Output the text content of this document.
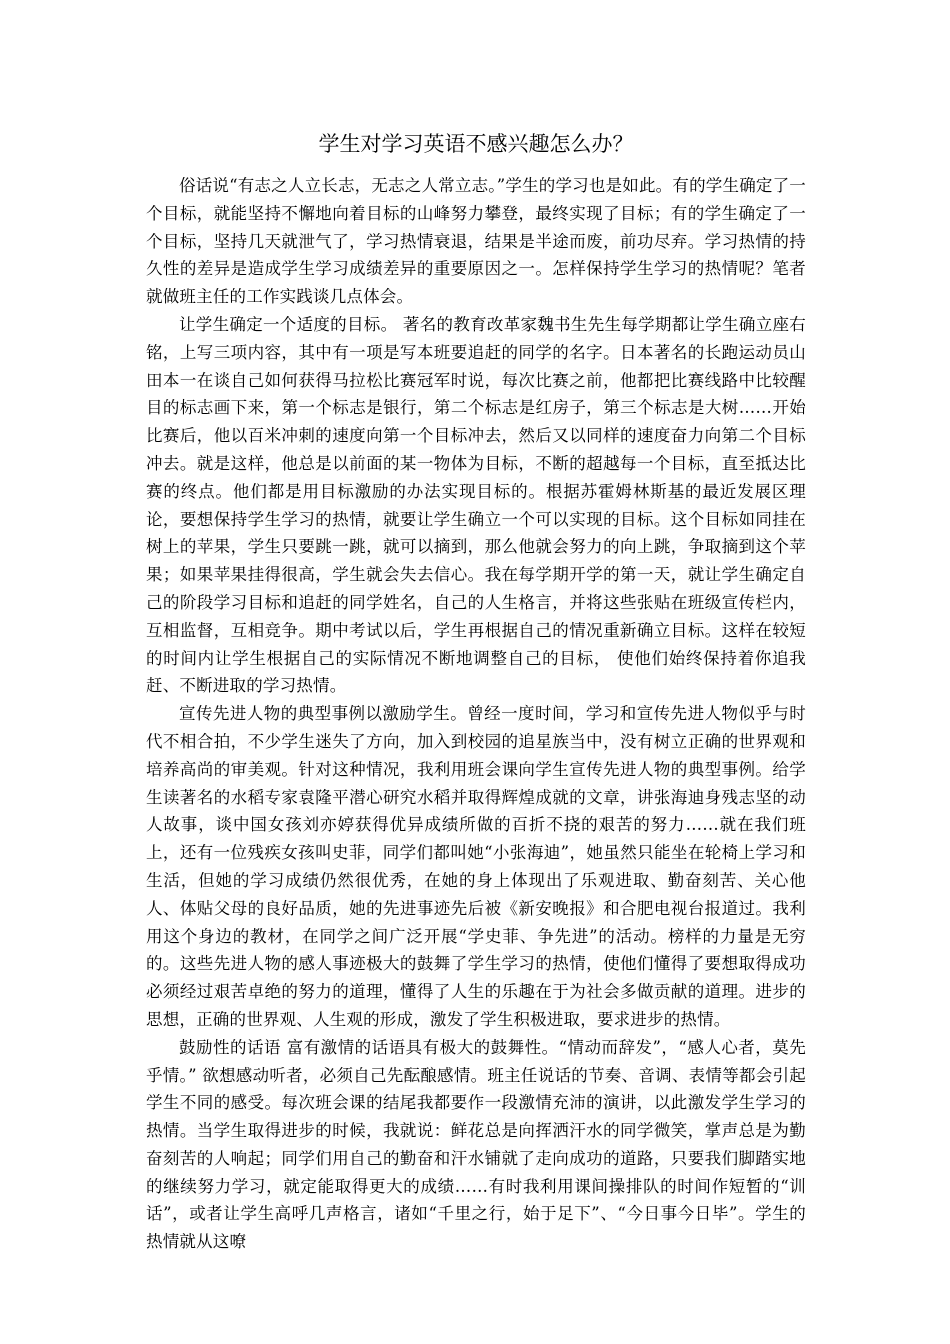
学生对学习英语不感兴趣怎么办？

俗话说“有志之人立长志，无志之人常立志。”学生的学习也是如此。有的学生确定了一个目标，就能坚持不懈地向着目标的山峰努力攀登，最终实现了目标；有的学生确定了一个目标，坚持几天就泄气了，学习热情衰退，结果是半途而废，前功尽弃。学习热情的持久性的差异是造成学生学习成绩差异的重要原因之一。怎样保持学生学习的热情呢？笔者就做班主任的工作实践谈几点体会。

让学生确定一个适度的目标。 著名的教育改革家魏书生先生每学期都让学生确立座右铭，上写三项内容，其中有一项是写本班要追赶的同学的名字。日本著名的长跑运动员山田本一在谈自己如何获得马拉松比赛冠军时说，每次比赛之前，他都把比赛线路中比较醒目的标志画下来，第一个标志是银行，第二个标志是红房子，第三个标志是大树……开始比赛后，他以百米冲刺的速度向第一个目标冲去，然后又以同样的速度奋力向第二个目标冲去。就是这样，他总是以前面的某一物体为目标，不断的超越每一个目标，直至抵达比赛的终点。他们都是用目标激励的办法实现目标的。根据苏霍姆林斯基的最近发展区理论，要想保持学生学习的热情，就要让学生确立一个可以实现的目标。这个目标如同挂在树上的苹果，学生只要跳一跳，就可以摘到，那么他就会努力的向上跳，争取摘到这个苹果；如果苹果挂得很高，学生就会失去信心。我在每学期开学的第一天，就让学生确定自己的阶段学习目标和追赶的同学姓名，自己的人生格言，并将这些张贴在班级宣传栏内，互相监督，互相竞争。期中考试以后，学生再根据自己的情况重新确立目标。这样在较短的时间内让学生根据自己的实际情况不断地调整自己的目标， 使他们始终保持着你追我赶、不断进取的学习热情。

宣传先进人物的典型事例以激励学生。曾经一度时间，学习和宣传先进人物似乎与时代不相合拍，不少学生迷失了方向，加入到校园的追星族当中，没有树立正确的世界观和培养高尚的审美观。针对这种情况，我利用班会课向学生宣传先进人物的典型事例。给学生读著名的水稻专家袁隆平潜心研究水稻并取得辉煌成就的文章，讲张海迪身残志坚的动人故事，谈中国女孩刘亦婷获得优异成绩所做的百折不挠的艰苦的努力……就在我们班上，还有一位残疾女孩叫史菲，同学们都叫她“小张海迪”，她虽然只能坐在轮椅上学习和生活，但她的学习成绩仍然很优秀，在她的身上体现出了乐观进取、勤奋刻苦、关心他人、体贴父母的良好品质，她的先进事迹先后被《新安晚报》和合肥电视台报道过。我利用这个身边的教材，在同学之间广泛开展“学史菲、争先进”的活动。榜样的力量是无穷的。这些先进人物的感人事迹极大的鼓舞了学生学习的热情，使他们懂得了要想取得成功必须经过艰苦卓绝的努力的道理，懂得了人生的乐趣在于为社会多做贡献的道理。进步的思想，正确的世界观、人生观的形成，激发了学生积极进取，要求进步的热情。

鼓励性的话语 富有激情的话语具有极大的鼓舞性。“情动而辞发”，“感人心者，莫先乎情。” 欲想感动听者，必须自己先酝酿感情。班主任说话的节奏、音调、表情等都会引起学生不同的感受。每次班会课的结尾我都要作一段激情充沛的演讲，以此激发学生学习的热情。当学生取得进步的时候，我就说：鲜花总是向挥洒汗水的同学微笑，掌声总是为勤奋刻苦的人响起；同学们用自己的勤奋和汗水铺就了走向成功的道路，只要我们脚踏实地的继续努力学习，就定能取得更大的成绩……有时我利用课间操排队的时间作短暂的“训话”，或者让学生高呼几声格言，诸如“千里之行，始于足下”、“今日事今日毕”。学生的热情就从这嘹
